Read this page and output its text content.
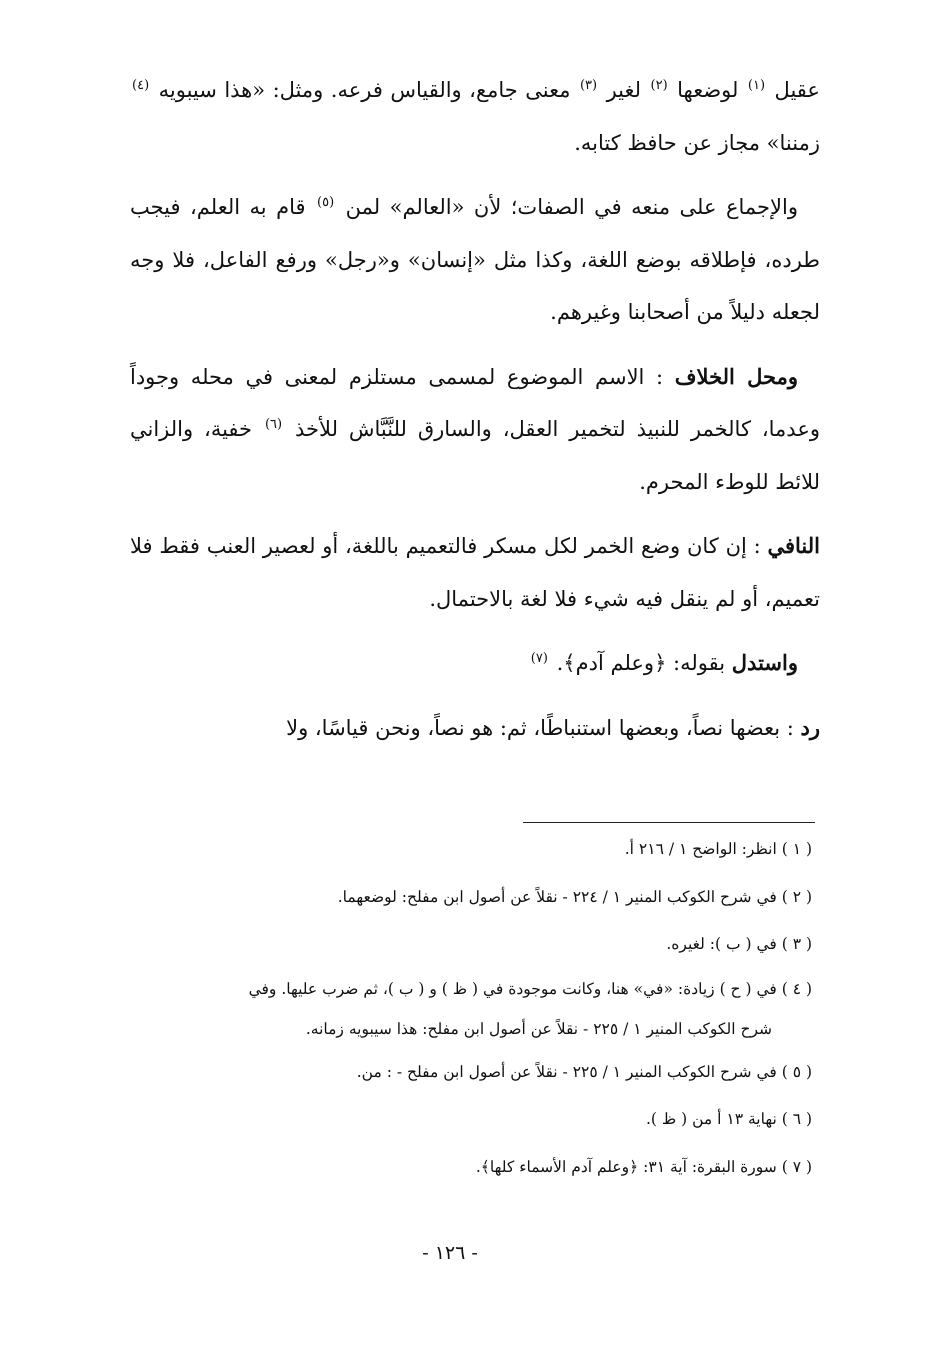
عقيل $^{(١)}$ لوضعها $^{(٢)}$ لغير $^{(٣)}$ معنى جامع، والقياس فرعه. ومثل: «هذا سيبويه $^{(٤)}$ زمننا» مجاز عن حافظ كتابه.

والإجماع على منعه في الصفات؛ لأن «العالم» لمن $^{(٥)}$ قام به العلم، فيجب طرده، فإطلاقه بوضع اللغة، وكذا مثل «إنسان» و«رجل» ورفع الفاعل، فلا وجه لجعله دليلاً من أصحابنا وغيرهم.

ومحل الخلاف : الاسم الموضوع لمسمى مستلزم لمعنى في محله وجوداً وعدما، كالخمر للنبيذ لتخمير العقل، والسارق للنَّبَّاش للأخذ $^{(٦)}$ خفية، والزاني للائط للوطء المحرم.

النافي : إن كان وضع الخمر لكل مسكر فالتعميم باللغة، أو لعصير العنب فقط فلا تعميم، أو لم ينقل فيه شيء فلا لغة بالاحتمال.

واستدل بقوله: ﴿وعلم آدم﴾. $^{(٧)}$

رد : بعضها نصاً، وبعضها استنباطًا، ثم: هو نصاً، ونحن قياسًا، ولا

( ١ ) انظر: الواضح ١ / ٢١٦ أ.

( ٢ ) في شرح الكوكب المنير ١ / ٢٢٤ - نقلاً عن أصول ابن مفلح: لوضعهما.

( ٣ ) في ( ب ): لغيره.

( ٤ ) في ( ح ) زيادة: «في» هنا، وكانت موجودة في ( ظ ) و ( ب )، ثم ضرب عليها. وفي

شرح الكوكب المنير ١ / ٢٢٥ - نقلاً عن أصول ابن مفلح: هذا سيبويه زمانه.

( ٥ ) في شرح الكوكب المنير ١ / ٢٢٥ - نقلاً عن أصول ابن مفلح - : من.

( ٦ ) نهاية ١٣ أ من ( ظ ).

( ٧ ) سورة البقرة: آية ٣١: ﴿وعلم آدم الأسماء كلها﴾.

- ١٢٦ -
